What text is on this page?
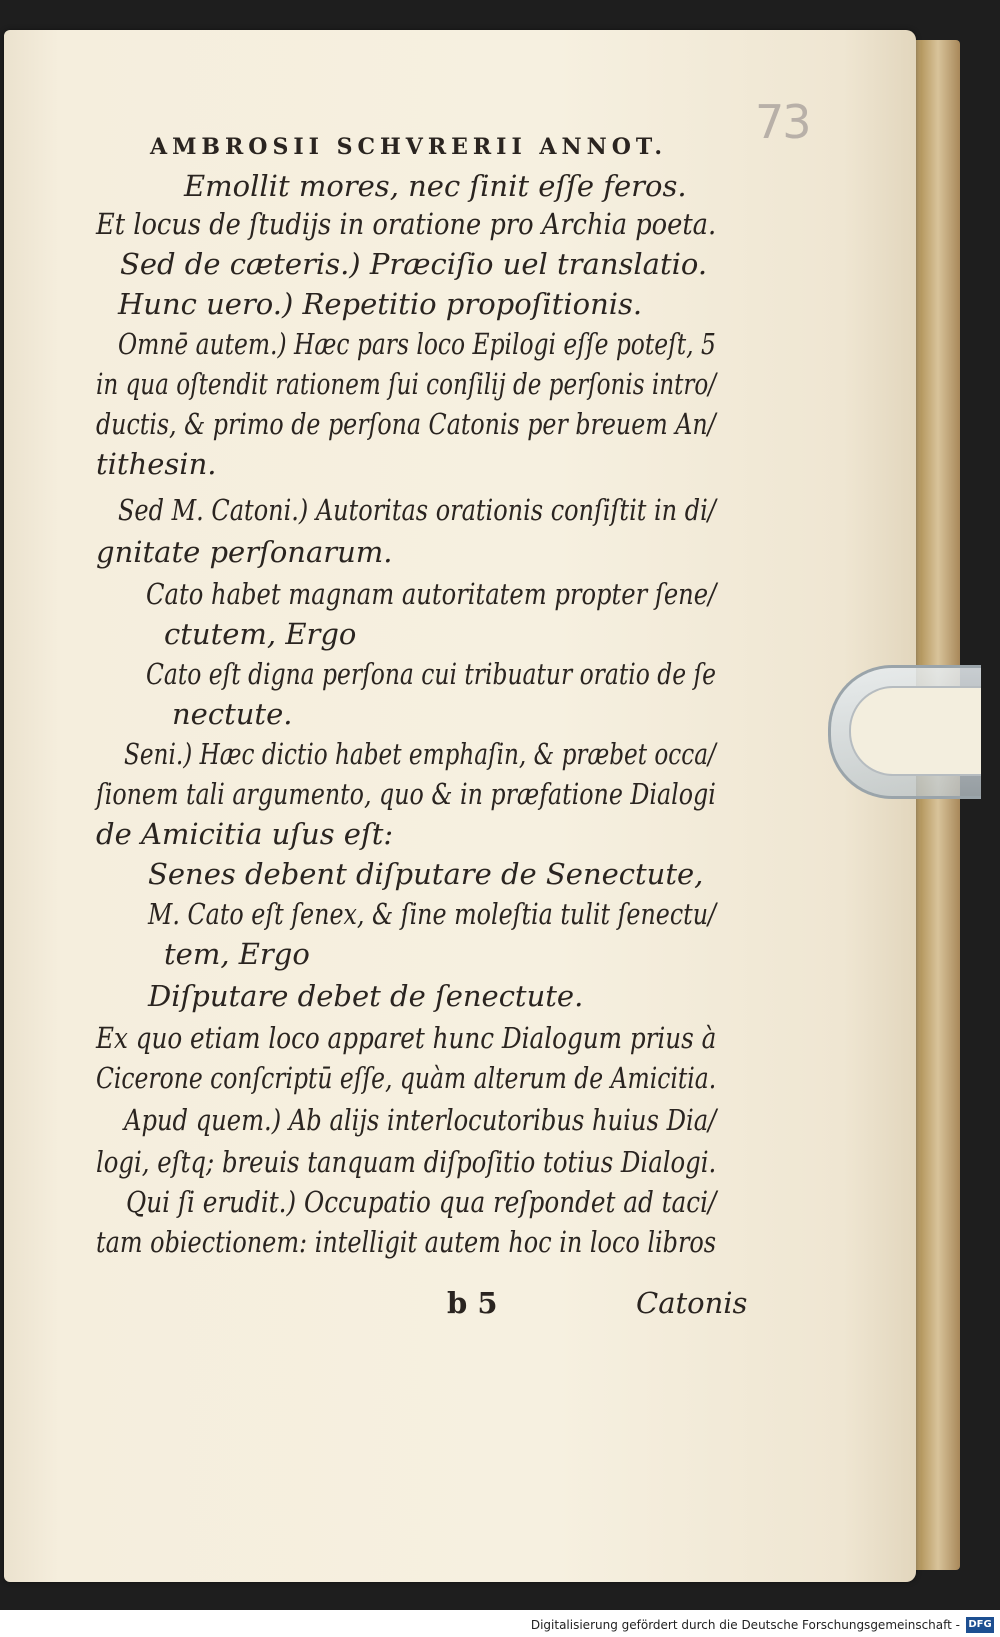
73
AMBROSII SCHVRERII ANNOT.
Emollit mores, nec ſinit eſſe feros.
Et locus de ſtudijs in oratione pro Archia poeta.
Sed de cæteris.) Præciſio uel translatio.
Hunc uero.) Repetitio propoſitionis.
Omnē autem.) Hæc pars loco Epilogi eſſe poteſt, 5
in qua oſtendit rationem ſui conſilij de perſonis intro/
ductis, & primo de perſona Catonis per breuem An/
tithesin.
Sed M. Catoni.) Autoritas orationis conſiſtit in di/
gnitate perſonarum.
Cato habet magnam autoritatem propter ſene/
ctutem, Ergo
Cato eſt digna perſona cui tribuatur oratio de ſe
nectute.
Seni.) Hæc dictio habet emphaſin, & præbet occa/
ſionem tali argumento, quo & in præfatione Dialogi
de Amicitia uſus eſt:
Senes debent diſputare de Senectute,
M. Cato eſt ſenex, & ſine moleſtia tulit ſenectu/
tem, Ergo
Diſputare debet de ſenectute.
Ex quo etiam loco apparet hunc Dialogum prius à
Cicerone conſcriptū eſſe, quàm alterum de Amicitia.
Apud quem.) Ab alijs interlocutoribus huius Dia/
logi, eſtq; breuis tanquam diſpoſitio totius Dialogi.
Qui ſi erudit.) Occupatio qua reſpondet ad taci/
tam obiectionem: intelligit autem hoc in loco libros
b 5	Catonis
Digitalisierung gefördert durch die Deutsche Forschungsgemeinschaft - DFG
